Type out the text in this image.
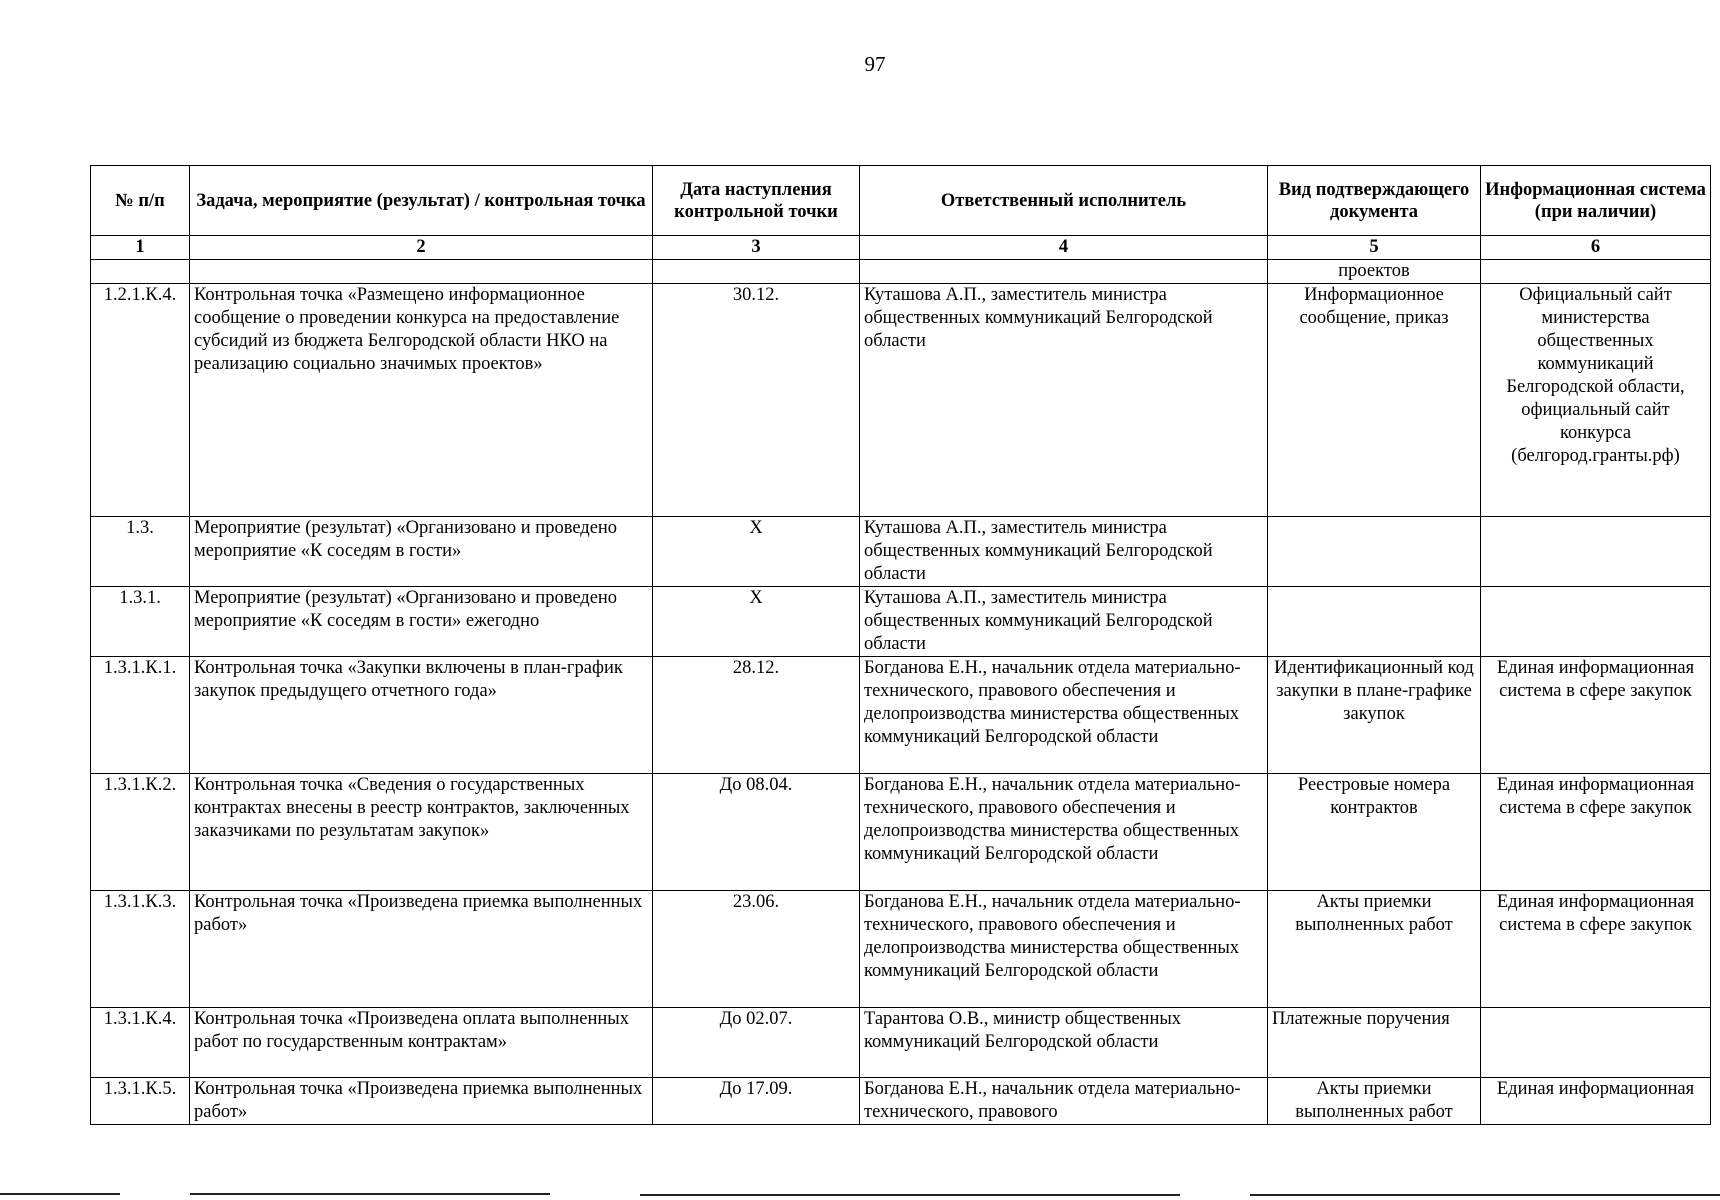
97
№ п/п	Задача, мероприятие (результат) / контрольная точка	Дата наступления контрольной точки	Ответственный исполнитель	Вид подтверждающего документа	Информационная система (при наличии)
1	2	3	4	5	6
				проектов	
1.2.1.К.4.	Контрольная точка «Размещено информационное сообщение о проведении конкурса на предоставление субсидий из бюджета Белгородской области НКО на реализацию социально значимых проектов»	30.12.	Куташова А.П., заместитель министра общественных коммуникаций Белгородской области	Информационное сообщение, приказ	Официальный сайт министерства общественных коммуникаций Белгородской области, официальный сайт конкурса (белгород.гранты.рф)
1.3.	Мероприятие (результат) «Организовано и проведено мероприятие «К соседям в гости»	Х	Куташова А.П., заместитель министра общественных коммуникаций Белгородской области		
1.3.1.	Мероприятие (результат) «Организовано и проведено мероприятие «К соседям в гости» ежегодно	Х	Куташова А.П., заместитель министра общественных коммуникаций Белгородской области		
1.3.1.К.1.	Контрольная точка «Закупки включены в план-график закупок предыдущего отчетного года»	28.12.	Богданова Е.Н., начальник отдела материально-технического, правового обеспечения и делопроизводства министерства общественных коммуникаций Белгородской области	Идентификационный код закупки в плане-графике закупок	Единая информационная система в сфере закупок
1.3.1.К.2.	Контрольная точка «Сведения о государственных контрактах внесены в реестр контрактов, заключенных заказчиками по результатам закупок»	До 08.04.	Богданова Е.Н., начальник отдела материально-технического, правового обеспечения и делопроизводства министерства общественных коммуникаций Белгородской области	Реестровые номера контрактов	Единая информационная система в сфере закупок
1.3.1.К.3.	Контрольная точка «Произведена приемка выполненных работ»	23.06.	Богданова Е.Н., начальник отдела материально-технического, правового обеспечения и делопроизводства министерства общественных коммуникаций Белгородской области	Акты приемки выполненных работ	Единая информационная система в сфере закупок
1.3.1.К.4.	Контрольная точка «Произведена оплата выполненных работ по государственным контрактам»	До 02.07.	Тарантова О.В., министр общественных коммуникаций Белгородской области	Платежные поручения	
1.3.1.К.5.	Контрольная точка «Произведена приемка выполненных работ»	До 17.09.	Богданова Е.Н., начальник отдела материально-технического, правового	Акты приемки выполненных работ	Единая информационная
